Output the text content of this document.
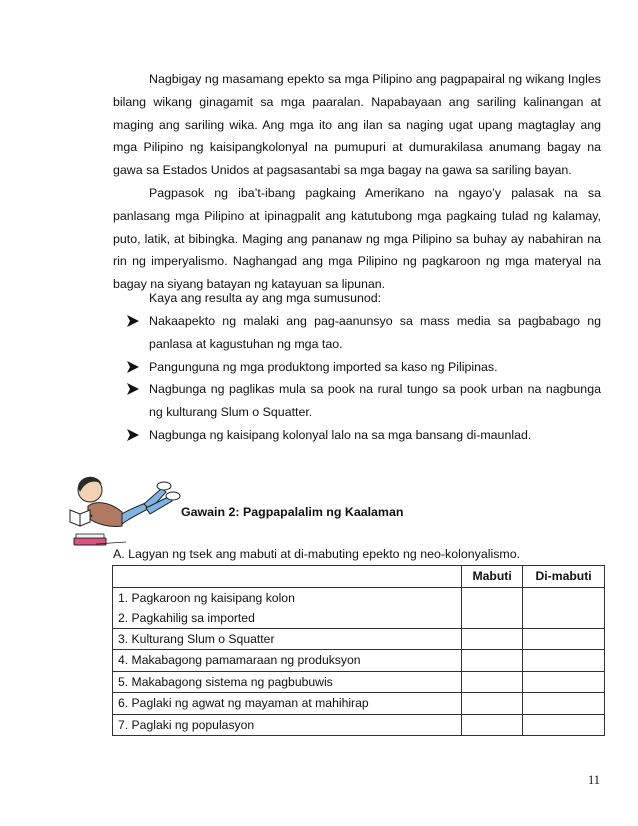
Nagbigay ng masamang epekto sa mga Pilipino ang pagpapairal ng wikang Ingles bilang wikang ginagamit sa mga paaralan. Napabayaan ang sariling kalinangan at maging ang sariling wika. Ang mga ito ang ilan sa naging ugat upang magtaglay ang mga Pilipino ng kaisipangkolonyal na pumupuri at dumurakilasa anumang bagay na gawa sa Estados Unidos at pagsasantabi sa mga bagay na gawa sa sariling bayan.

Pagpasok ng iba’t-ibang pagkaing Amerikano na ngayo’y palasak na sa panlasang mga Pilipino at ipinagpalit ang katutubong mga pagkaing tulad ng kalamay, puto, latik, at bibingka. Maging ang pananaw ng mga Pilipino sa buhay ay nabahiran na rin ng imperyalismo. Naghangad ang mga Pilipino ng pagkaroon ng mga materyal na bagay na siyang batayan ng katayuan sa lipunan.

Kaya ang resulta ay ang mga sumusunod:
Nakaapekto ng malaki ang pag-aanunsyo sa mass media sa pagbabago ng panlasa at kagustuhan ng mga tao.
Pangunguna ng mga produktong imported sa kaso ng Pilipinas.
Nagbunga ng paglikas mula sa pook na rural tungo sa pook urban na nagbunga ng kulturang Slum o Squatter.
Nagbunga ng kaisipang kolonyal lalo na sa mga bansang di-maunlad.
Gawain 2: Pagpapalalim ng Kaalaman
A. Lagyan ng tsek ang mabuti at di-mabuting epekto ng neo-kolonyalismo.
	Mabuti	Di-mabuti

1. Pagkaroon ng kaisipang kolon
2. Pagkahilig sa imported		

3. Kulturang Slum o Squatter		
4. Makabagong pamamaraan ng produksyon		
5. Makabagong sistema ng pagbubuwis		
6. Paglaki ng agwat ng mayaman at mahihirap		
7. Paglaki ng populasyon		
11
